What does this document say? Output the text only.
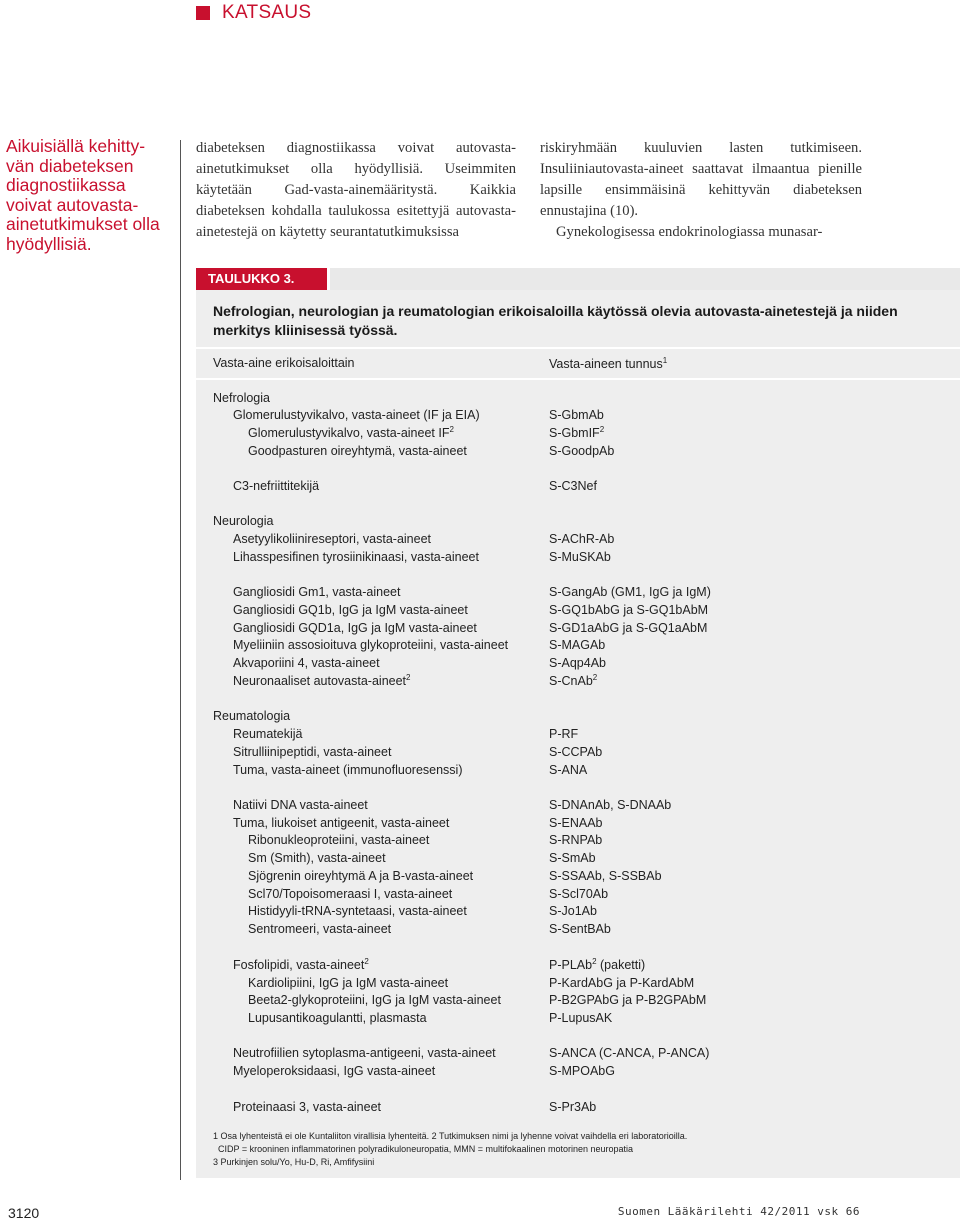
KATSAUS
Aikuisiällä kehitty-
vän diabeteksen diagnostiikassa voivat autovasta-ainetutkimukset olla hyödyllisiä.
diabeteksen diagnostiikassa voivat autovasta-ainetutkimukset olla hyödyllisiä. Useimmiten käytetään Gad-vasta-ainemääritystä. Kaikkia diabeteksen kohdalla taulukossa esitettyjä autovasta-ainetestejä on käytetty seurantatutkimuksissa
riskiryhmään kuuluvien lasten tutkimiseen. Insuliiniautovasta-aineet saattavat ilmaantua pienille lapsille ensimmäisinä kehittyvän diabeteksen ennustajina (10).
Gynekologisessa endokrinologiassa munasar-
TAULUKKO 3.
Nefrologian, neurologian ja reumatologian erikoisaloilla käytössä olevia autovasta-ainetestejä ja niiden merkitys kliinisessä työssä.
Vasta-aine erikoisaloittain	Vasta-aineen tunnus$^1$
Nefrologia
Glomerulustyvikalvo, vasta-aineet (IF ja EIA)	S-GbmAb
Glomerulustyvikalvo, vasta-aineet $IF^2$	S-GbmIF$^2$
Goodpasturen oireyhtymä, vasta-aineet	S-GoodpAb
C3-nefriittitekijä	S-C3Nef
Neurologia
Asetyylikoliinireseptori, vasta-aineet	S-AChR-Ab
Lihasspesifinen tyrosiinikinaasi, vasta-aineet	S-MuSKAb
Gangliosidi Gm1, vasta-aineet	S-GangAb (GM1, IgG ja IgM)
Gangliosidi GQ1b, IgG ja IgM vasta-aineet	S-GQ1bAbG ja S-GQ1bAbM
Gangliosidi GQD1a, IgG ja IgM vasta-aineet	S-GD1aAbG ja S-GQ1aAbM
Myeliiniin assosioituva glykoproteiini, vasta-aineet	S-MAGAb
Akvaporiini 4, vasta-aineet	S-Aqp4Ab
Neuronaaliset autovasta-aineet$^2$	S-CnAb$^2$
Reumatologia
Reumatekijä	P-RF
Sitrulliinipeptidi, vasta-aineet	S-CCPAb
Tuma, vasta-aineet (immunofluoresenssi)	S-ANA
Natiivi DNA vasta-aineet	S-DNAnAb, S-DNAAb
Tuma, liukoiset antigeenit, vasta-aineet	S-ENAAb
Ribonukleoproteiini, vasta-aineet	S-RNPAb
Sm (Smith), vasta-aineet	S-SmAb
Sjögrenin oireyhtymä A ja B-vasta-aineet	S-SSAAb, S-SSBAb
Scl70/Topoisomeraasi I, vasta-aineet	S-Scl70Ab
Histidyyli-tRNA-syntetaasi, vasta-aineet	S-Jo1Ab
Sentromeeri, vasta-aineet	S-SentBAb
Fosfolipidi, vasta-aineet$^2$	P-PLAb$^2$ (paketti)
Kardiolipiini, IgG ja IgM vasta-aineet	P-KardAbG ja P-KardAbM
Beeta2-glykoproteiini, IgG ja IgM vasta-aineet	P-B2GPAbG ja P-B2GPAbM
Lupusantikoagulantti, plasmasta	P-LupusAK
Neutrofiilien sytoplasma-antigeeni, vasta-aineet	S-ANCA (C-ANCA, P-ANCA)
Myeloperoksidaasi, IgG vasta-aineet	S-MPOAbG
Proteinaasi 3, vasta-aineet	S-Pr3Ab
1 Osa lyhenteistä ei ole Kuntaliiton virallisia lyhenteitä. 2 Tutkimuksen nimi ja lyhenne voivat vaihdella eri laboratorioilla.
CIDP = krooninen inflammatorinen polyradikuloneuropatia, MMN = multifokaalinen motorinen neuropatia
3 Purkinjen solu/Yo, Hu-D, Ri, Amfifysiini
3120	Suomen Lääkärilehti 42/2011 vsk 66
